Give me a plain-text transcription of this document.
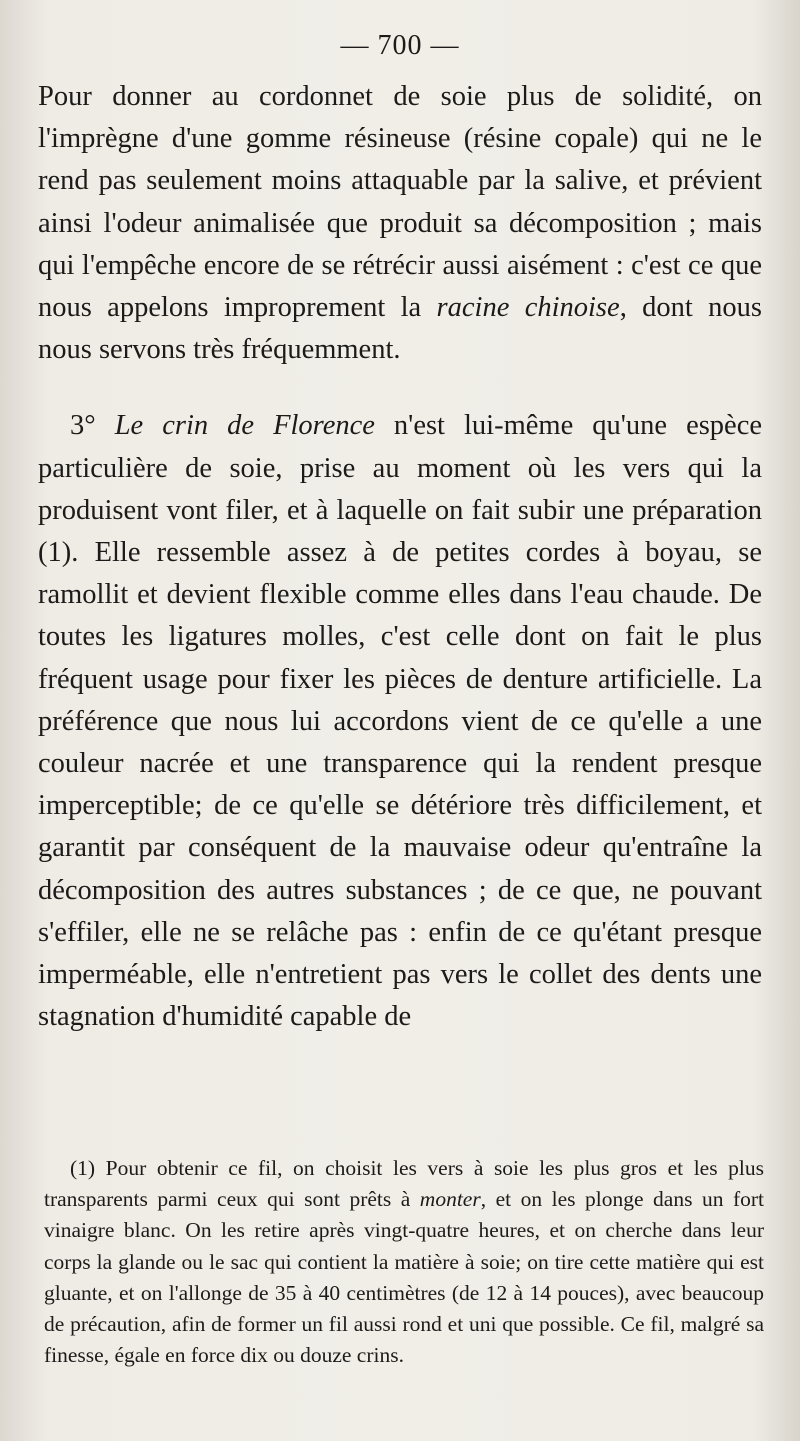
— 700 —

Pour donner au cordonnet de soie plus de solidité, on l'imprègne d'une gomme résineuse (résine copale) qui ne le rend pas seulement moins attaquable par la salive, et prévient ainsi l'odeur animalisée que produit sa décomposition ; mais qui l'empêche encore de se rétrécir aussi aisément : c'est ce que nous appelons improprement la racine chinoise, dont nous nous servons très fréquemment.

3° Le crin de Florence n'est lui-même qu'une espèce particulière de soie, prise au moment où les vers qui la produisent vont filer, et à laquelle on fait subir une préparation (1). Elle ressemble assez à de petites cordes à boyau, se ramollit et devient flexible comme elles dans l'eau chaude. De toutes les ligatures molles, c'est celle dont on fait le plus fréquent usage pour fixer les pièces de denture artificielle. La préférence que nous lui accordons vient de ce qu'elle a une couleur nacrée et une transparence qui la rendent presque imperceptible; de ce qu'elle se détériore très difficilement, et garantit par conséquent de la mauvaise odeur qu'entraîne la décomposition des autres substances ; de ce que, ne pouvant s'effiler, elle ne se relâche pas : enfin de ce qu'étant presque imperméable, elle n'entretient pas vers le collet des dents une stagnation d'humidité capable de

(1) Pour obtenir ce fil, on choisit les vers à soie les plus gros et les plus transparents parmi ceux qui sont prêts à monter, et on les plonge dans un fort vinaigre blanc. On les retire après vingt-quatre heures, et on cherche dans leur corps la glande ou le sac qui contient la matière à soie; on tire cette matière qui est gluante, et on l'allonge de 35 à 40 centimètres (de 12 à 14 pouces), avec beaucoup de précaution, afin de former un fil aussi rond et uni que possible. Ce fil, malgré sa finesse, égale en force dix ou douze crins.
